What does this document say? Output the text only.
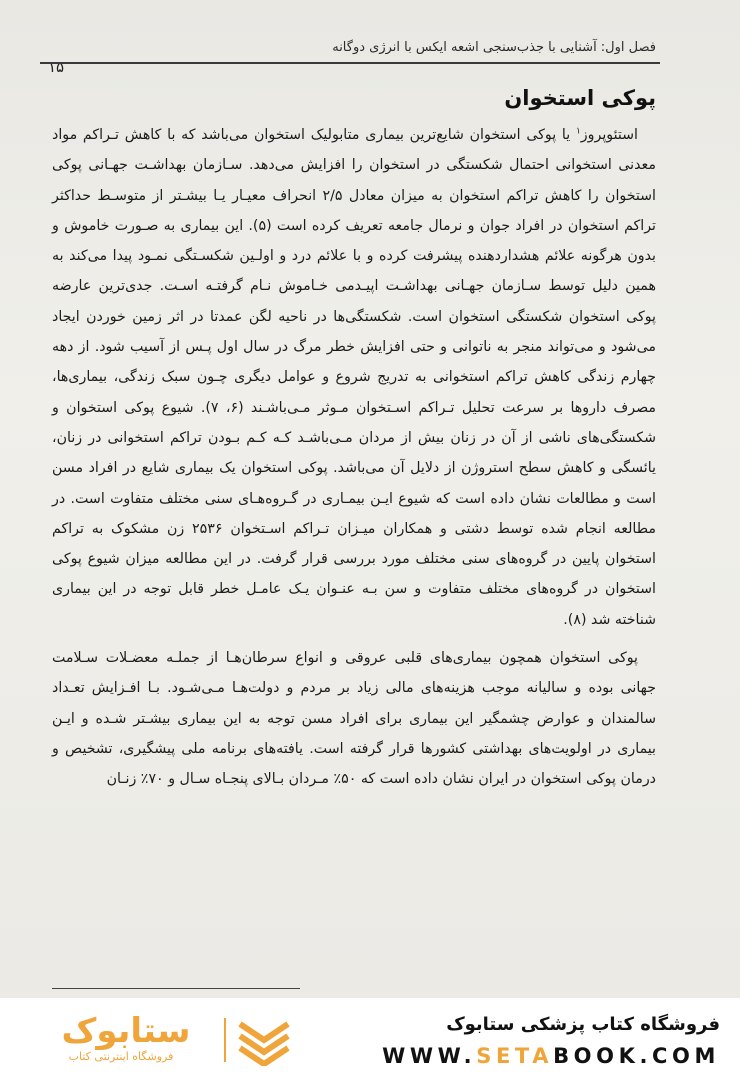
فصل اول: آشنایی با جذب‌سنجی اشعه ایکس با انرژی دوگانه
۱۵
پوکی استخوان

استئوپروز$^۱$ یا پوکی استخوان شایع‌ترین بیماری متابولیک استخوان می‌باشد که با کاهش تـراکم مواد معدنی استخوانی احتمال شکستگی در استخوان را افزایش می‌دهد. سـازمان بهداشـت جهـانی پوکی استخوان را کاهش تراکم استخوان به میزان معادل ۲/۵ انحراف معیـار یـا بیشـتر از متوسـط حداکثر تراکم استخوان در افراد جوان و نرمال جامعه تعریف کرده است (۵). این بیماری به صـورت خاموش و بدون هرگونه علائم هشداردهنده پیشرفت کرده و با علائم درد و اولـین شکسـتگی نمـود پیدا می‌کند به همین دلیل توسط سـازمان جهـانی بهداشـت اپیـدمی خـاموش نـام گرفتـه اسـت. جدی‌ترین عارضه پوکی استخوان شکستگی استخوان است. شکستگی‌ها در ناحیه لگن عمدتا در اثر زمین خوردن ایجاد می‌شود و می‌تواند منجر به ناتوانی و حتی افزایش خطر مرگ در سال اول پـس از آسیب شود. از دهه چهارم زندگی کاهش تراکم استخوانی به تدریج شروع و عوامل دیگری چـون سبک زندگی، بیماری‌ها، مصرف داروها بر سرعت تحلیل تـراکم اسـتخوان مـوثر مـی‌باشـند (۶، ۷). شیوع پوکی استخوان و شکستگی‌های ناشی از آن در زنان بیش از مردان مـی‌باشـد کـه کـم بـودن تراکم استخوانی در زنان، یائسگی و کاهش سطح استروژن از دلایل آن می‌باشد. پوکی استخوان یک بیماری شایع در افراد مسن است و مطالعات نشان داده است که شیوع ایـن بیمـاری در گـروه‌هـای سنی مختلف متفاوت است. در مطالعه انجام شده توسط دشتی و همکاران میـزان تـراکم اسـتخوان ۲۵۳۶ زن مشکوک به تراکم استخوان پایین در گروه‌های سنی مختلف مورد بررسی قرار گرفت. در این مطالعه میزان شیوع پوکی استخوان در گروه‌های مختلف متفاوت و سن بـه عنـوان یـک عامـل خطر قابل توجه در این بیماری شناخته شد (۸).

پوکی استخوان همچون بیماری‌های قلبی عروقی و انواع سرطان‌هـا از جملـه معضـلات سـلامت جهانی بوده و سالیانه موجب هزینه‌های مالی زیاد بر مردم و دولت‌هـا مـی‌شـود. بـا افـزایش تعـداد سالمندان و عوارض چشمگیر این بیماری برای افراد مسن توجه به این بیماری بیشـتر شـده و ایـن بیماری در اولویت‌های بهداشتی کشورها قرار گرفته است. یافته‌های برنامه ملی پیشگیری، تشخیص و درمان پوکی استخوان در ایران نشان داده است که ۵۰٪ مـردان بـالای پنجـاه سـال و ۷۰٪ زنـان

ستابوک
فروشگاه اینترنتی کتاب
فروشگاه کتاب پزشکی ستابوک
WWW.SETABOOK.COM
